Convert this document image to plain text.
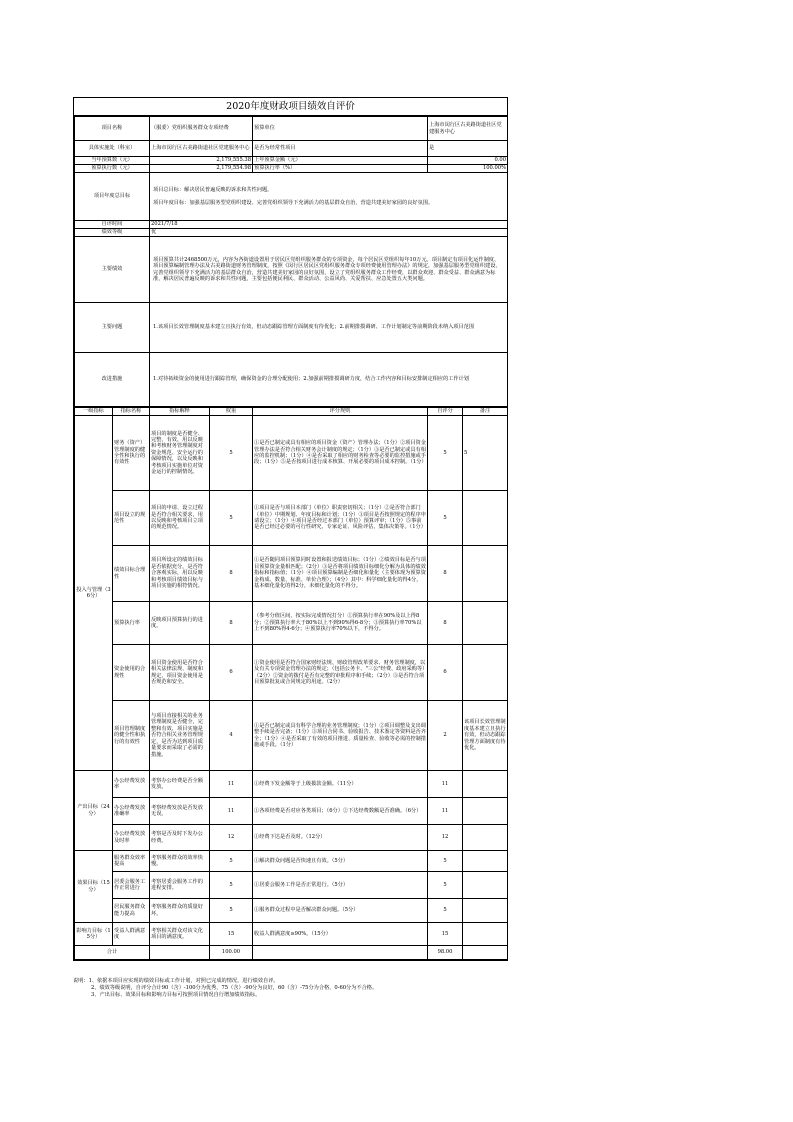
2020年度财政项目绩效自评价
项目名称	（服委）党组织服务群众专项经费	预算单位	上海市闵行区古美路街道社区党建服务中心
具体实施处（科室）	上海市闵行区古美路街道社区党建服务中心	是否为经常性项目	是
当年预算数（元）	2,179,555.38	上年预算金额（元）	0.00
预算执行数（元）	2,179,554.98	预算执行率（%）	100.00%
项目年度总目标	项目总目标：解决居民普遍反映的诉求和共性问题。
项目年度目标：加强基层服务型党组织建设、完善党组织领导下充满活力的基层群众自治，营造共建美好家园的良好氛围。		

自评时间	2021/7/18		
绩效等级	优		
主要绩效	项目预算共计2468500万元，内容为各街道设置用于居民区党组织服务群众的专项资金，每个居民区党组织每年10万元。项目制定有项目化运作制度、项目预算编制管理办法及古美路街道财务管理制度，按照《闵行区居民区党组织服务群众专项经费使用管理办法》的规定，加强基层服务型党组织建设、完善党组织领导下充满活力的基层群众自治，营造共建美好家园的良好氛围，设立了党组织服务群众工作经费，以群众欢迎、群众受益、群众满意为标准，解决居民普遍反映的诉求和共性问题，主要包括便民利民、群众活动、公益风尚、关爱帮扶、应急处置五大类问题。		
主要问题	1.该项目长效管理制度基本建立且执行有效，但动态跟踪管理方面制度有待优化；2.前期排摸调研、工作计划制定等前期阶段未纳入项目范围		
改进措施	1.对待拓续资金的使用进行跟踪管理，确保资金的合理分配使用；2.加强前期排摸调研力度，结合工作内容和目标安排制定相应的工作计划		
一级指标	指标名称	指标解释	权重	评分规则	自评分	备注
投入与管理（36分）	财务（资产）管理制度的健全性和执行的有效性	项目的制度是否健全、完整、有效，用以反映和考核财务管理制度对资金规范、安全运行的保障情况，以及反映和考核项目实施单位对资金运行的控制情况。	5	①是否已制定或具有相应的项目资金（资产）管理办法；（1分）②项目资金管理办法是否符合相关财务会计制度的规定；（1分）③是否已制定或具有相应的监控机制；（1分）④是否采取了相应的财务检查等必要的监控措施或手段；（1分）⑤是否按项目进行成本核算、开展必要的项目成本控制。（1分）	5	5
	项目设立的规范性	项目的申请、设立过程是否符合相关要求，用以反映和考核项目立项的规范情况。	5	①项目是否与项目本部门（单位）职责密切相关；（1分）②是否符合部门（单位）中期规划、年度目标和计划；（1分）③项目是否按照规定的程序申请设立；（1分）④项目是否经过本部门（单位）预算评审；（1分）⑤事前是否已经过必要的可行性研究、专家论证、风险评估、集体决策等。（1分）	5	
	绩效目标合理性	项目所设定的绩效目标是否依据充分，是否符合客观实际，用以反映和考核项目绩效目标与项目实施的相符情况。	8	①是否随同项目预算同时设置和报送绩效目标；（1分）②绩效目标是否与项目预算资金量相匹配；（2分）③是否将项目绩效目标细化分解为具体的绩效指标和指标值；（1分）④项目预算编制是否细化和量化（主要体现为预算资金构成、数量、标准、单价合理）；（4分）其中：科学细化量化的得4分，基本细化量化的得2分，未细化量化的不得分。	8	
	预算执行率	反映项目预算执行的进度。	8	（参考分值区间，按实际完成情况打分）①预算执行率在90%及以上得8分；②预算执行率大于80%以上不到90%得6-8分；③预算执行率70%以上不到80%得4-6分；④预算执行率70%以下，不得分。	8	
	资金使用的合规性	项目资金使用是否符合相关法律法规、制度和规定，项目资金使用是否规范和安全。	6	①资金使用是否符合国家财经法规、财政管理改革要求、财务管理制度，以及有关专项资金管理办法的规定；（包括公务卡、"三公"经费、政府采购等）（2分）②资金的拨付是否有完整的审批程序和手续；（2分）③是否符合项目预算批复或合同规定的用途。（2分）	6	
	项目管理制度的健全性和执行的有效性	与项目直接相关的业务管理制度是否健全，完整和有效，项目实施是否符合相关业务管理规定，是否为达到项目质量要求而采取了必需的措施。	4	①是否已制定或具有科学合理的业务管理制度；（1分）②项目调整及支出调整手续是否完备；（1分）③项目合同书、验收报告、技术鉴定等资料是否齐全；（1分）④是否采取了有效的项目推进、质量检查、验收等必需的控制措施或手段。（1分）	2	该项目长效管理制度基本建立且执行有效，但动态跟踪管理方面制度有待优化。
产出目标（24分）	办公经费发放率	考察办公经费是否全额发放。	11	①经费下发金额等于上级拨款金额。（11分）	11	
	办公经费发放准确率	考察经费发放是否发放无误。	11	①各项经费是否对应各类项目；（6分）②下达经费数额是否准确。（6分）	11	
	办公经费发放及时率	考察是否及时下发办公经费。	12	①经费下达是否及时。（12分）	12	
效果目标（15分）	服务群众效率提高	考察服务群众的效率快慢。	5	①解决群众问题是否快速且有效。（5分）	5	
	居委会服务工作正常进行	考察居委会服务工作的进程安排。	5	①居委会服务工作是否正常进行。（5分）	5	
	居民服务群众能力提高	考察服务群众的质量好坏。	5	①服务群众过程中是否解决群众问题。（5分）	5	
影响力目标（15分）	受益人群满意度	考察相关群众对该文化项目的满意度。	15	收益人群满意度≥90%。（15分）	15	
合计			100.00		98.00	
说明：1、依据本项目应实现的绩效目标或工作计划，对照已完成的情况，进行绩效自评。
2、绩效等级说明，自评分合计90（含）-100分为优秀，75（含）-90分为良好，60（含）-75分为合格，0-60分为不合格。
3、产出目标、效果目标和影响力目标可按照项目情况自行增加绩效指标。
